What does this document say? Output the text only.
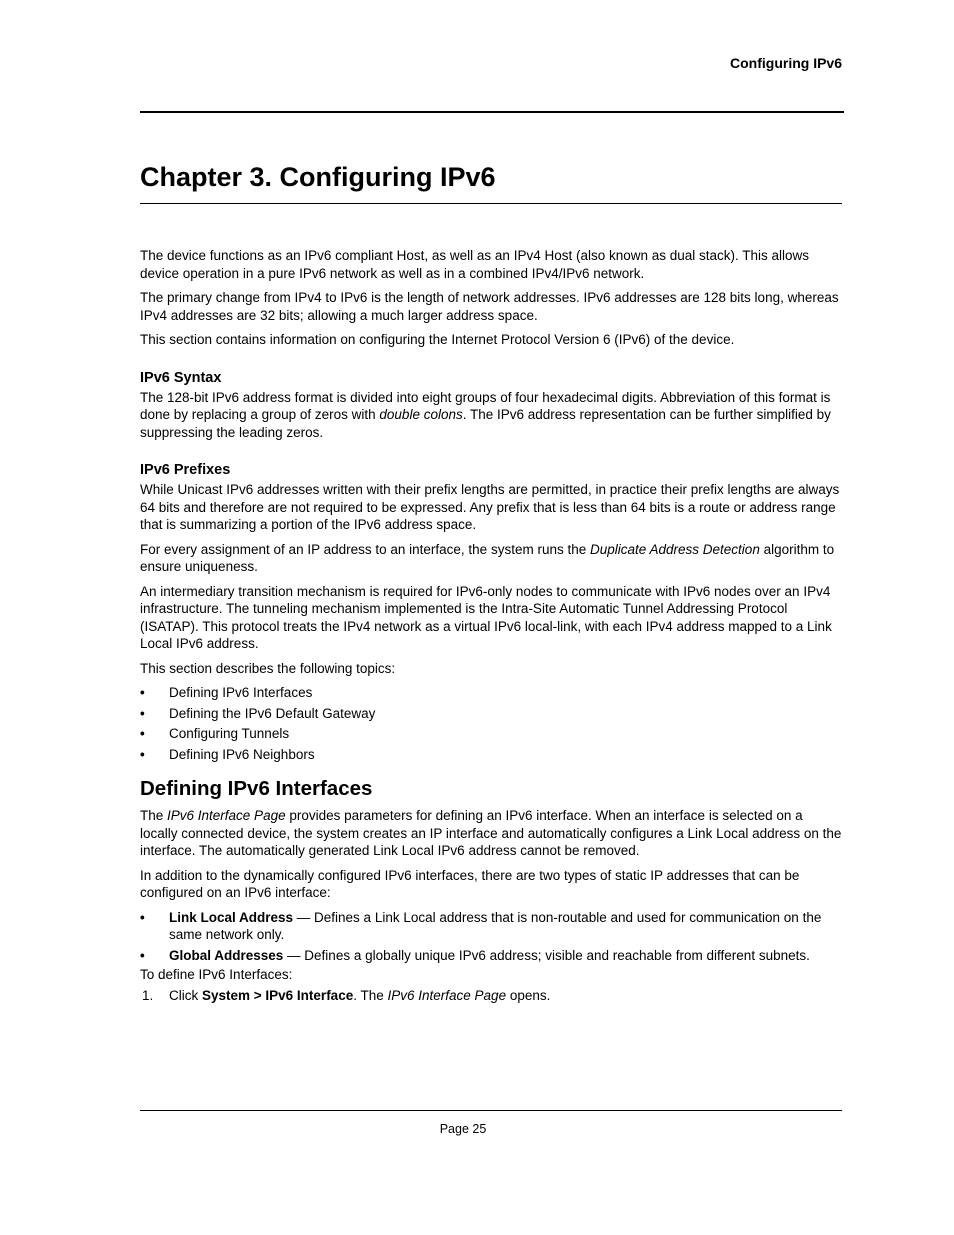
Configuring IPv6
Chapter 3. Configuring IPv6

The device functions as an IPv6 compliant Host, as well as an IPv4 Host (also known as dual stack). This allows device operation in a pure IPv6 network as well as in a combined IPv4/IPv6 network.

The primary change from IPv4 to IPv6 is the length of network addresses. IPv6 addresses are 128 bits long, whereas IPv4 addresses are 32 bits; allowing a much larger address space.

This section contains information on configuring the Internet Protocol Version 6 (IPv6) of the device.

IPv6 Syntax

The 128-bit IPv6 address format is divided into eight groups of four hexadecimal digits. Abbreviation of this format is done by replacing a group of zeros with double colons. The IPv6 address representation can be further simplified by suppressing the leading zeros.

IPv6 Prefixes

While Unicast IPv6 addresses written with their prefix lengths are permitted, in practice their prefix lengths are always 64 bits and therefore are not required to be expressed. Any prefix that is less than 64 bits is a route or address range that is summarizing a portion of the IPv6 address space.

For every assignment of an IP address to an interface, the system runs the Duplicate Address Detection algorithm to ensure uniqueness.

An intermediary transition mechanism is required for IPv6-only nodes to communicate with IPv6 nodes over an IPv4 infrastructure. The tunneling mechanism implemented is the Intra-Site Automatic Tunnel Addressing Protocol (ISATAP). This protocol treats the IPv4 network as a virtual IPv6 local-link, with each IPv4 address mapped to a Link Local IPv6 address.

This section describes the following topics:

• Defining IPv6 Interfaces
• Defining the IPv6 Default Gateway
• Configuring Tunnels
• Defining IPv6 Neighbors
Defining IPv6 Interfaces

The IPv6 Interface Page provides parameters for defining an IPv6 interface. When an interface is selected on a locally connected device, the system creates an IP interface and automatically configures a Link Local address on the interface. The automatically generated Link Local IPv6 address cannot be removed.

In addition to the dynamically configured IPv6 interfaces, there are two types of static IP addresses that can be configured on an IPv6 interface:

• Link Local Address — Defines a Link Local address that is non-routable and used for communication on the same network only.
• Global Addresses — Defines a globally unique IPv6 address; visible and reachable from different subnets.

To define IPv6 Interfaces:

1. Click System > IPv6 Interface. The IPv6 Interface Page opens.
Page 25
